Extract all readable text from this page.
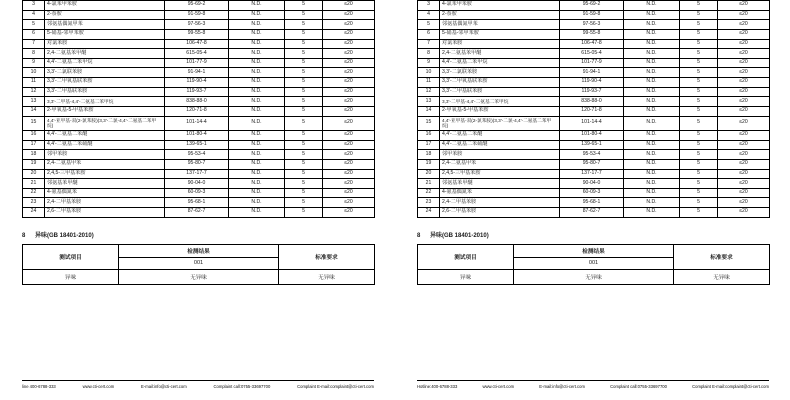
3	4-氯苯甲苯胺	95-69-2	N.D.	5	≤20
4	2-萘胺	91-59-8	N.D.	5	≤20
5	邻氨基偶氮甲苯	97-56-3	N.D.	5	≤20
6	5-硝基-邻甲苯胺	99-55-8	N.D.	5	≤20
7	对氯苯胺	106-47-8	N.D.	5	≤20
8	2,4-二氨基苯甲醚	615-05-4	N.D.	5	≤20
9	4,4'-二氨基二苯甲烷	101-77-9	N.D.	5	≤20
10	3,3'-二氯联苯胺	91-94-1	N.D.	5	≤20
11	3,3'-二甲氧基联苯胺	119-90-4	N.D.	5	≤20
12	3,3'-二甲基联苯胺	119-93-7	N.D.	5	≤20
13	3,3'-二甲基-4,4'-二氨基二苯甲烷	838-88-0	N.D.	5	≤20
14	2-甲氧基-5-甲基苯胺	120-71-8	N.D.	5	≤20
15	4,4'-亚甲基-双(2-氯苯胺)(3,3'-二氯-4,4'-二氨基二苯甲烷)	101-14-4	N.D.	5	≤20
16	4,4'-二氨基二苯醚	101-80-4	N.D.	5	≤20
17	4,4'-二氨基二苯硫醚	139-65-1	N.D.	5	≤20
18	邻甲苯胺	95-53-4	N.D.	5	≤20
19	2,4-二氨基甲苯	95-80-7	N.D.	5	≤20
20	2,4,5-三甲基苯胺	137-17-7	N.D.	5	≤20
21	邻氨基苯甲醚	90-04-0	N.D.	5	≤20
22	4-氨基偶氮苯	60-09-3	N.D.	5	≤20
23	2,4-二甲基苯胺	95-68-1	N.D.	5	≤20
24	2,6-二甲基苯胺	87-62-7	N.D.	5	≤20
8	异味(GB 18401-2010)
测试项目	检测结果	标准要求
	001	
异味	无异味	无异味
line 400-6788-333	www.cti-cert.com	E-mail:info@cti-cert.com	Complaint call:0755-33697700	Complaint E-mail:complaint@cti-cert.com
3	4-氯苯甲苯胺	95-69-2	N.D.	5	≤20
4	2-萘胺	91-59-8	N.D.	5	≤20
5	邻氨基偶氮甲苯	97-56-3	N.D.	5	≤20
6	5-硝基-邻甲苯胺	99-55-8	N.D.	5	≤20
7	对氯苯胺	106-47-8	N.D.	5	≤20
8	2,4-二氨基苯甲醚	615-05-4	N.D.	5	≤20
9	4,4'-二氨基二苯甲烷	101-77-9	N.D.	5	≤20
10	3,3'-二氯联苯胺	91-94-1	N.D.	5	≤20
11	3,3'-二甲氧基联苯胺	119-90-4	N.D.	5	≤20
12	3,3'-二甲基联苯胺	119-93-7	N.D.	5	≤20
13	3,3'-二甲基-4,4'-二氨基二苯甲烷	838-88-0	N.D.	5	≤20
14	2-甲氧基-5-甲基苯胺	120-71-8	N.D.	5	≤20
15	4,4'-亚甲基-双(2-氯苯胺)(3,3'-二氯-4,4'-二氨基二苯甲烷)	101-14-4	N.D.	5	≤20
16	4,4'-二氨基二苯醚	101-80-4	N.D.	5	≤20
17	4,4'-二氨基二苯硫醚	139-65-1	N.D.	5	≤20
18	邻甲苯胺	95-53-4	N.D.	5	≤20
19	2,4-二氨基甲苯	95-80-7	N.D.	5	≤20
20	2,4,5-三甲基苯胺	137-17-7	N.D.	5	≤20
21	邻氨基苯甲醚	90-04-0	N.D.	5	≤20
22	4-氨基偶氮苯	60-09-3	N.D.	5	≤20
23	2,4-二甲基苯胺	95-68-1	N.D.	5	≤20
24	2,6-二甲基苯胺	87-62-7	N.D.	5	≤20
8	异味(GB 18401-2010)
测试项目	检测结果	标准要求
	001	
异味	无异味	无异味
Hotline:400-6788-333	www.cti-cert.com	E-mail:info@cti-cert.com	Complaint call:0755-33697700	Complaint E-mail:complaint@cti-cert.com
